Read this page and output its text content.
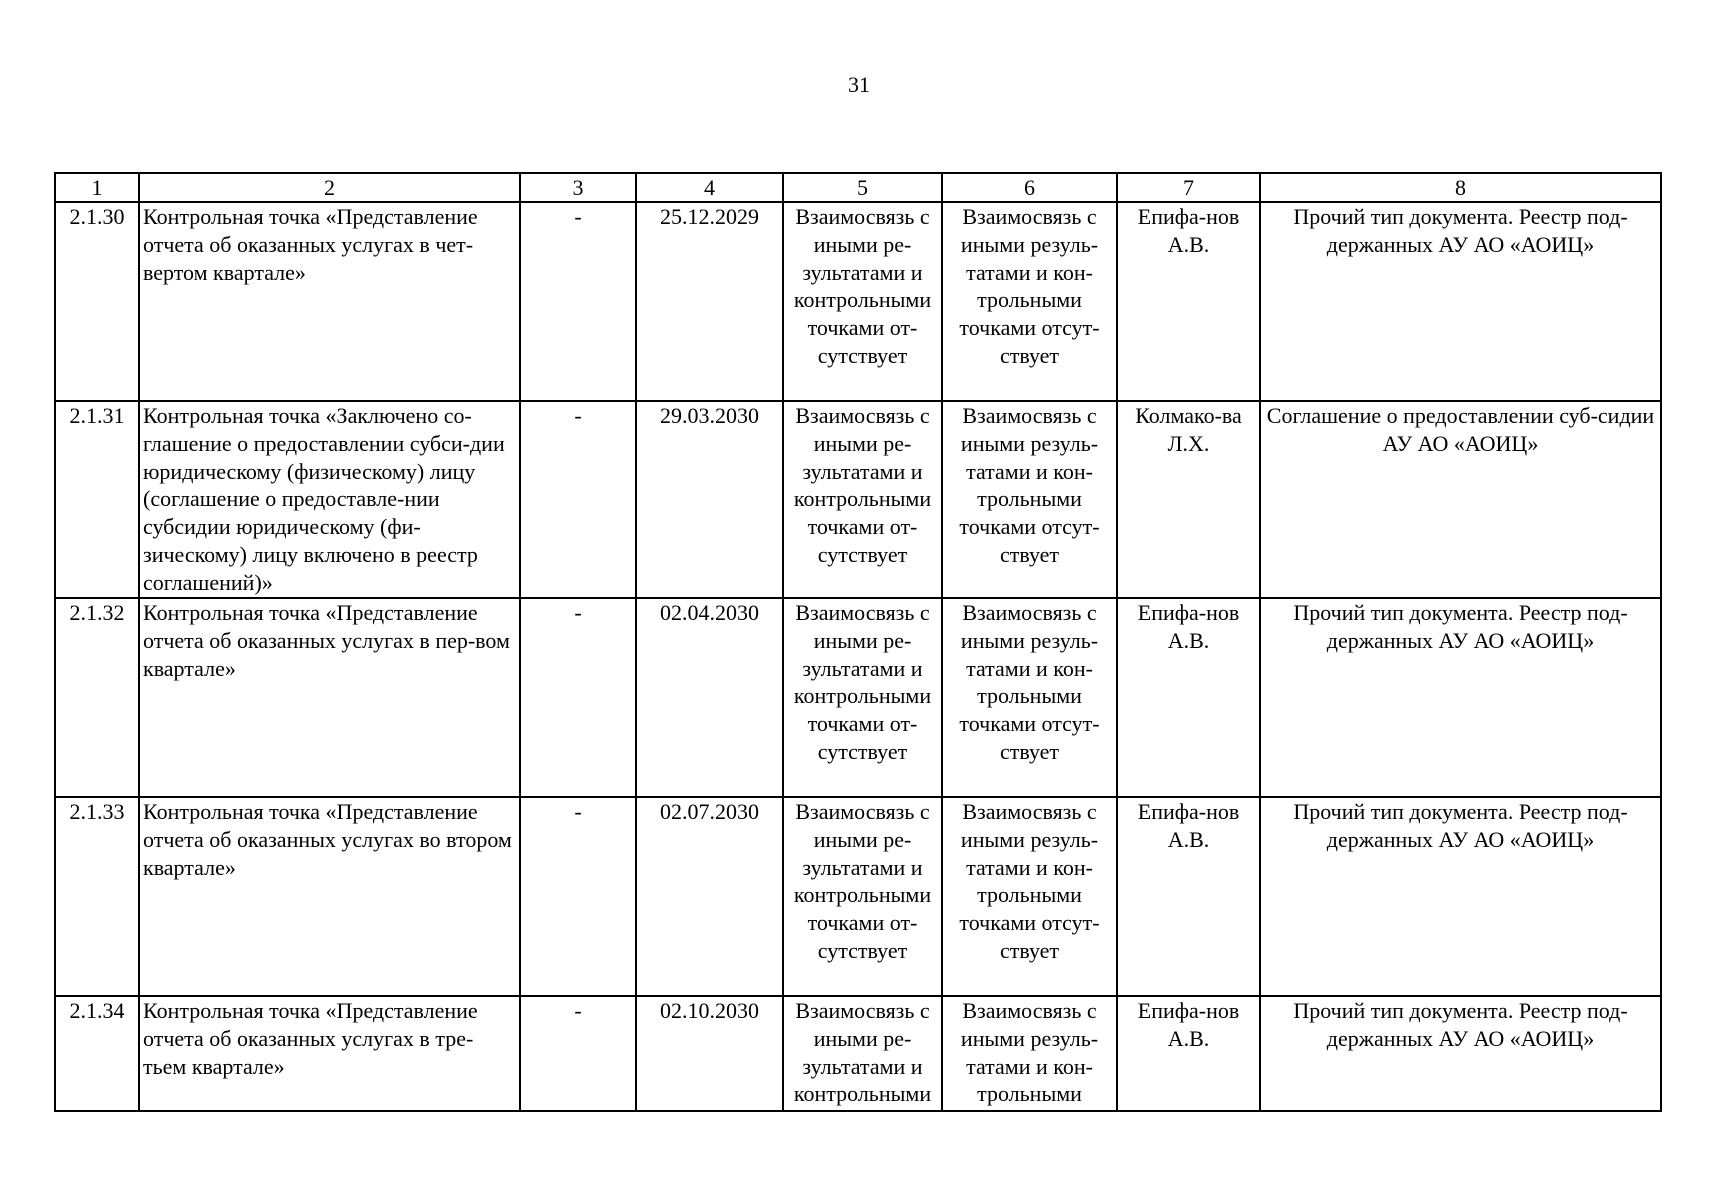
31
1	2	3	4	5	6	7	8
2.1.30	Контрольная точка «Представление отчета об оказанных услугах в чет-вертом квартале»	-	25.12.2029	Взаимосвязь с иными ре-зультатами и контрольными точками от-сутствует	Взаимосвязь с иными резуль-татами и кон-трольными точками отсут-ствует	Епифа-нов А.В.	Прочий тип документа. Реестр под-держанных АУ АО «АОИЦ»
2.1.31	Контрольная точка «Заключено со-глашение о предоставлении субси-дии юридическому (физическому) лицу (соглашение о предоставле-нии субсидии юридическому (фи-зическому) лицу включено в реестр соглашений)»	-	29.03.2030	Взаимосвязь с иными ре-зультатами и контрольными точками от-сутствует	Взаимосвязь с иными резуль-татами и кон-трольными точками отсут-ствует	Колмако-ва Л.Х.	Соглашение о предоставлении суб-сидии АУ АО «АОИЦ»
2.1.32	Контрольная точка «Представление отчета об оказанных услугах в пер-вом квартале»	-	02.04.2030	Взаимосвязь с иными ре-зультатами и контрольными точками от-сутствует	Взаимосвязь с иными резуль-татами и кон-трольными точками отсут-ствует	Епифа-нов А.В.	Прочий тип документа. Реестр под-держанных АУ АО «АОИЦ»
2.1.33	Контрольная точка «Представление отчета об оказанных услугах во втором квартале»	-	02.07.2030	Взаимосвязь с иными ре-зультатами и контрольными точками от-сутствует	Взаимосвязь с иными резуль-татами и кон-трольными точками отсут-ствует	Епифа-нов А.В.	Прочий тип документа. Реестр под-держанных АУ АО «АОИЦ»
2.1.34	Контрольная точка «Представление отчета об оказанных услугах в тре-тьем квартале»	-	02.10.2030	Взаимосвязь с иными ре-зультатами и контрольными	Взаимосвязь с иными резуль-татами и кон-трольными	Епифа-нов А.В.	Прочий тип документа. Реестр под-держанных АУ АО «АОИЦ»
